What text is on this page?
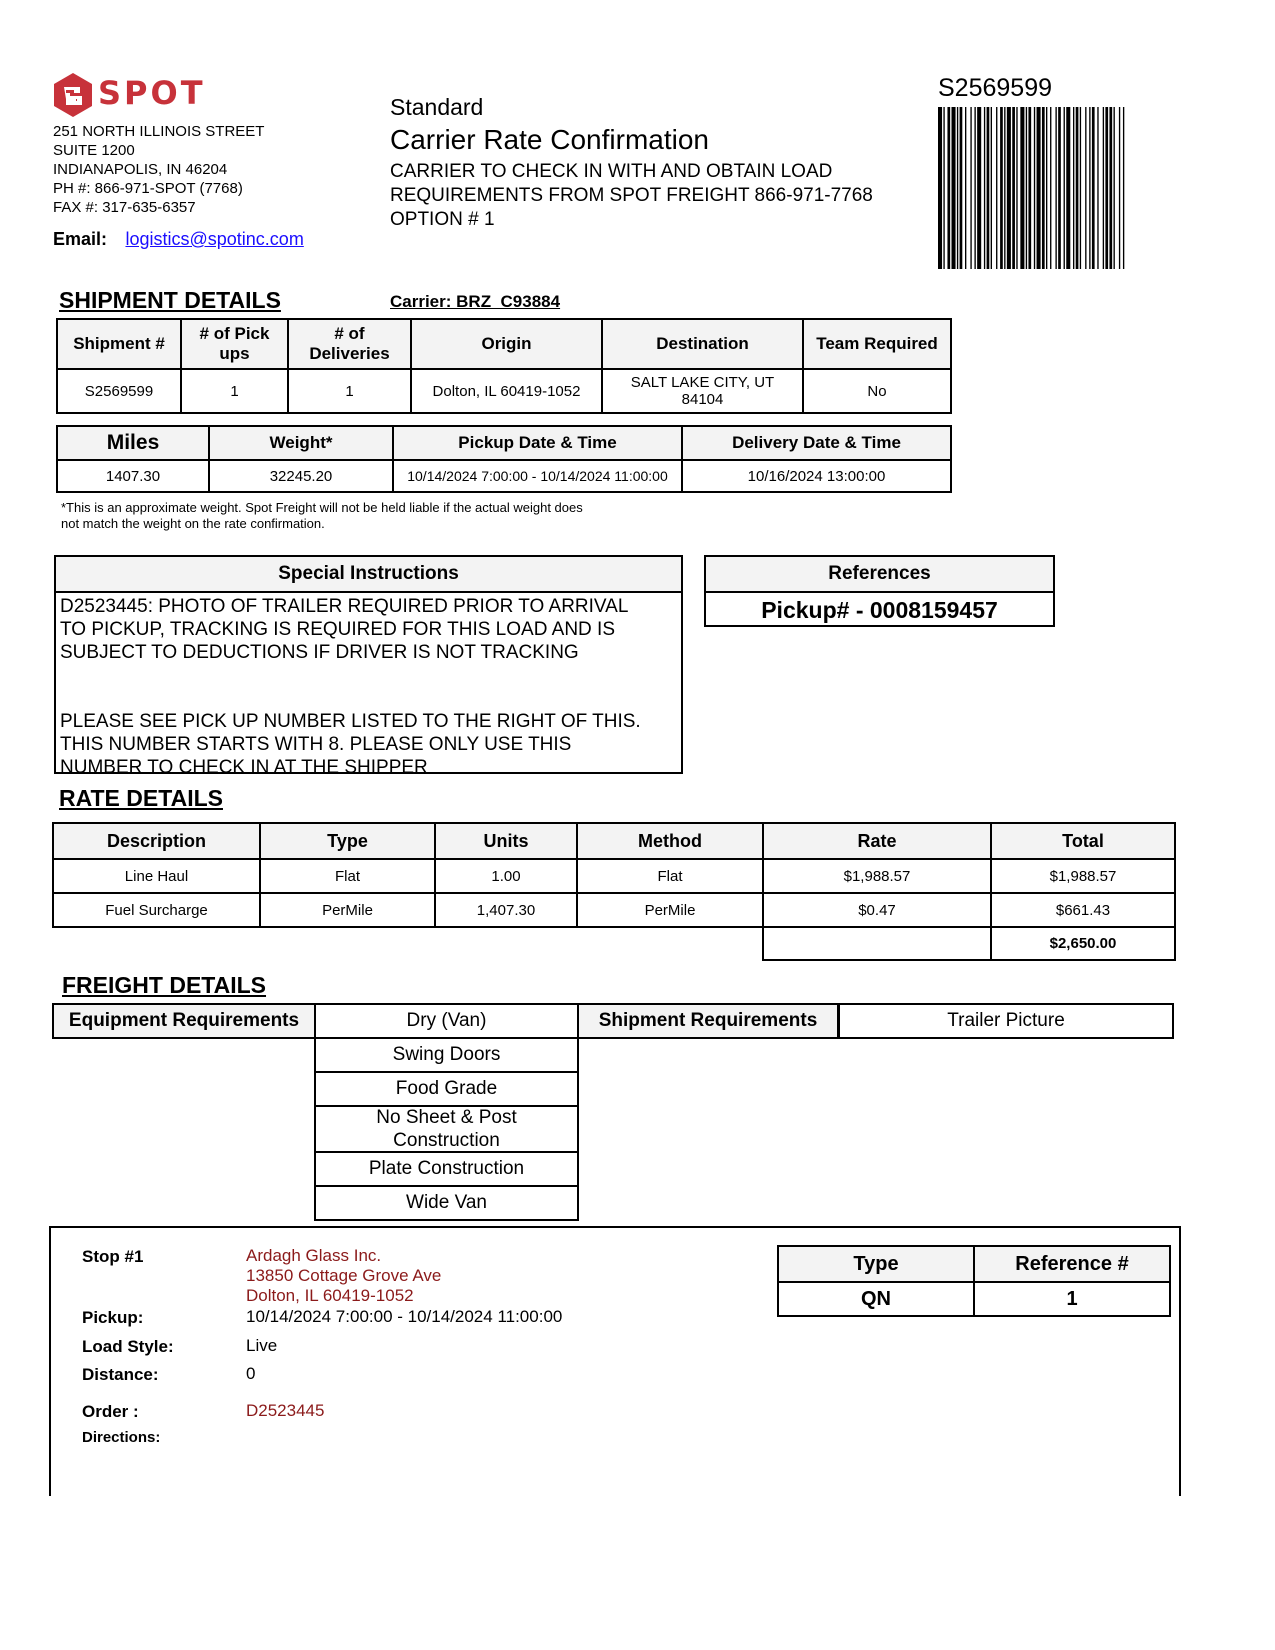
SPOT
251 NORTH ILLINOIS STREET
SUITE 1200
INDIANAPOLIS, IN 46204
PH #: 866-971-SPOT (7768)
FAX #: 317-635-6357
Email: logistics@spotinc.com
Standard
Carrier Rate Confirmation
CARRIER TO CHECK IN WITH AND OBTAIN LOAD
REQUIREMENTS FROM SPOT FREIGHT 866-971-7768
OPTION # 1
S2569599
SHIPMENT DETAILS	Carrier: BRZ  C93884
Shipment #	# of Pick ups	# of Deliveries	Origin	Destination	Team Required
S2569599	1	1	Dolton, IL 60419-1052	SALT LAKE CITY, UT 84104	No
Miles	Weight*	Pickup Date & Time	Delivery Date & Time
1407.30	32245.20	10/14/2024 7:00:00 - 10/14/2024 11:00:00	10/16/2024 13:00:00
*This is an approximate weight. Spot Freight will not be held liable if the actual weight does
not match the weight on the rate confirmation.
Special Instructions
D2523445: PHOTO OF TRAILER REQUIRED PRIOR TO ARRIVAL
TO PICKUP, TRACKING IS REQUIRED FOR THIS LOAD AND IS
SUBJECT TO DEDUCTIONS IF DRIVER IS NOT TRACKING

PLEASE SEE PICK UP NUMBER LISTED TO THE RIGHT OF THIS.
THIS NUMBER STARTS WITH 8. PLEASE ONLY USE THIS
NUMBER TO CHECK IN AT THE SHIPPER
References
Pickup# - 0008159457
RATE DETAILS
Description	Type	Units	Method	Rate	Total
Line Haul	Flat	1.00	Flat	$1,988.57	$1,988.57
Fuel Surcharge	PerMile	1,407.30	PerMile	$0.47	$661.43
					$2,650.00
FREIGHT DETAILS
Equipment Requirements	Dry (Van)
Swing Doors
Food Grade
No Sheet & Post Construction
Plate Construction
Wide Van
Shipment Requirements	Trailer Picture
Stop #1	Ardagh Glass Inc.
13850 Cottage Grove Ave
Dolton, IL 60419-1052
Pickup:	10/14/2024 7:00:00 - 10/14/2024 11:00:00
Load Style:	Live
Distance:	0
Order :	D2523445
Directions:
Type	Reference #
QN	1
